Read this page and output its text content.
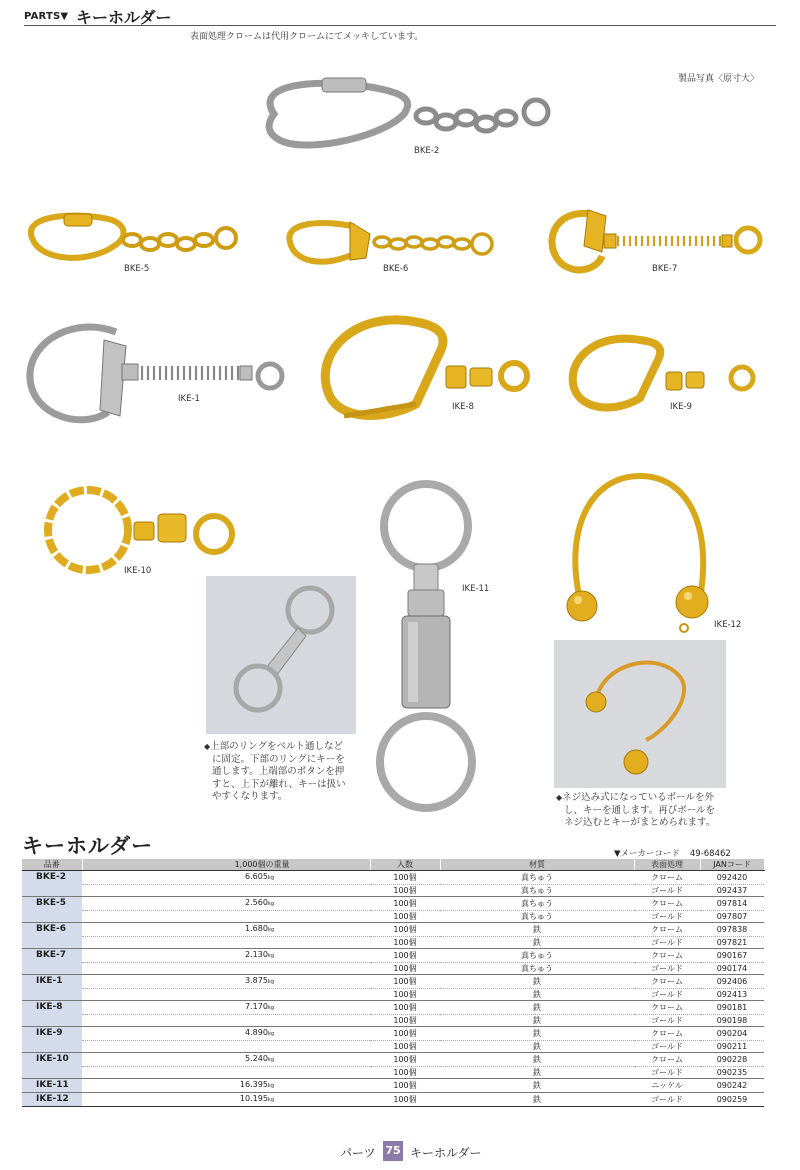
PARTS▼ キーホルダー
表面処理クロームは代用クロームにてメッキしています。
製品写真〈原寸大〉
BKE-2
BKE-5	BKE-6	BKE-7
IKE-1
IKE-8	IKE-9
IKE-10
IKE-11
◆上部のリングをベルト通しなど
に固定。下部のリングにキーを
通します。上端部のボタンを押
すと、上下が離れ、キーは扱い
やすくなります。
IKE-12
◆ネジ込み式になっているボールを外
し、キーを通します。再びボールを
ネジ込むとキーがまとめられます。
キーホルダー	▼メーカーコード 49-68462
品番	1,000個の重量	入数	材質	表面処理	JANコード
BKE-2	6.605kg	100個	真ちゅう	クローム	092420
		100個	真ちゅう	ゴールド	092437
BKE-5	2.560kg	100個	真ちゅう	クローム	097814
		100個	真ちゅう	ゴールド	097807
BKE-6	1.680kg	100個	鉄	クローム	097838
		100個	鉄	ゴールド	097821
BKE-7	2.130kg	100個	真ちゅう	クローム	090167
		100個	真ちゅう	ゴールド	090174
IKE-1	3.875kg	100個	鉄	クローム	092406
		100個	鉄	ゴールド	092413
IKE-8	7.170kg	100個	鉄	クローム	090181
		100個	鉄	ゴールド	090198
IKE-9	4.890kg	100個	鉄	クローム	090204
		100個	鉄	ゴールド	090211
IKE-10	5.240kg	100個	鉄	クローム	090228
		100個	鉄	ゴールド	090235
IKE-11	16.395kg	100個	鉄	ニッケル	090242
IKE-12	10.195kg	100個	鉄	ゴールド	090259
パーツ 75 キーホルダー
